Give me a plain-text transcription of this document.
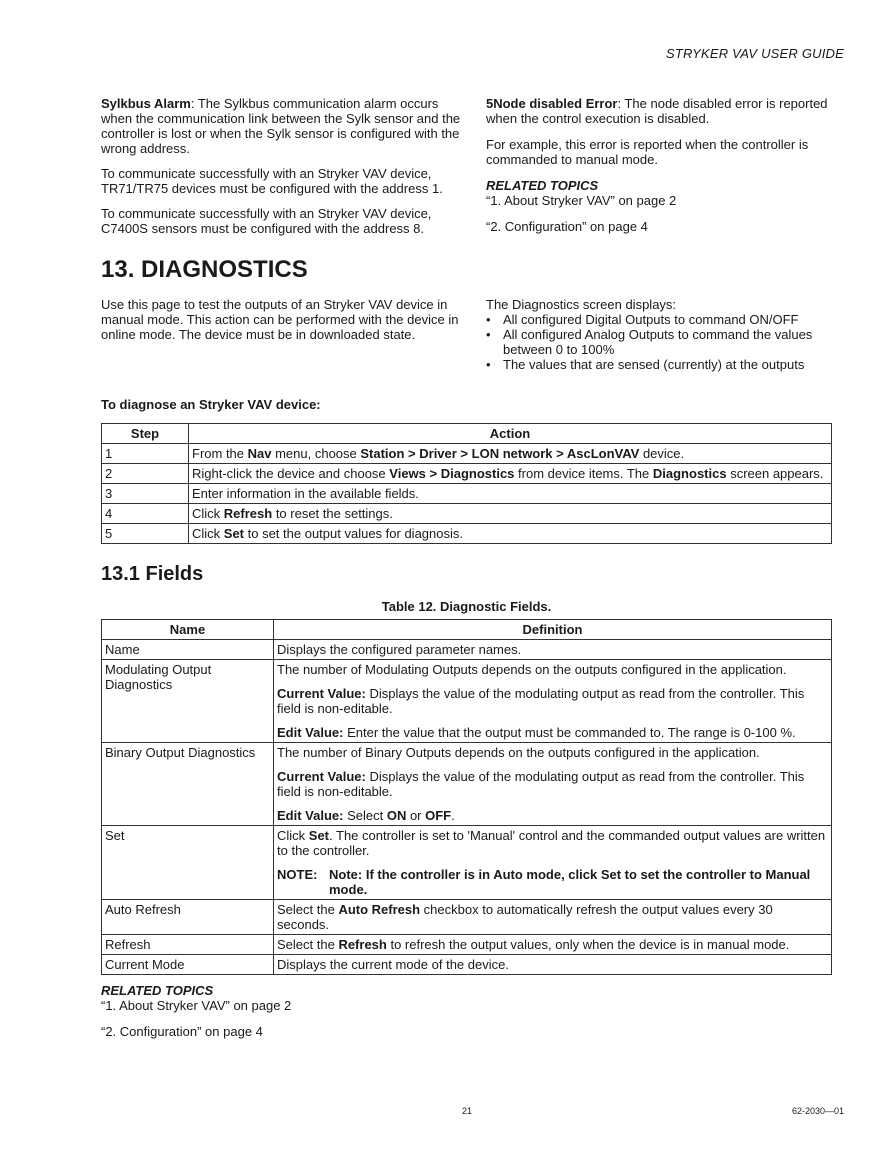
STRYKER VAV USER GUIDE

Sylkbus Alarm: The Sylkbus communication alarm occurs when the communication link between the Sylk sensor and the controller is lost or when the Sylk sensor is configured with the wrong address.

To communicate successfully with an Stryker VAV device, TR71/TR75 devices must be configured with the address 1.

To communicate successfully with an Stryker VAV device, C7400S sensors must be configured with the address 8.

5Node disabled Error: The node disabled error is reported when the control execution is disabled.

For example, this error is reported when the controller is commanded to manual mode.

RELATED TOPICS

“1. About Stryker VAV” on page 2

“2. Configuration” on page 4

13. DIAGNOSTICS
Use this page to test the outputs of an Stryker VAV device in manual mode. This action can be performed with the device in online mode. The device must be in downloaded state.
The Diagnostics screen displays:
• All configured Digital Outputs to command ON/OFF
• All configured Analog Outputs to command the values between 0 to 100%
• The values that are sensed (currently) at the outputs
To diagnose an Stryker VAV device:
Step	Action
1	From the Nav menu, choose Station > Driver > LON network > AscLonVAV device.
2	Right-click the device and choose Views > Diagnostics from device items. The Diagnostics screen appears.
3	Enter information in the available fields.
4	Click Refresh to reset the settings.
5	Click Set to set the output values for diagnosis.
13.1 Fields
Table 12. Diagnostic Fields.
Name	Definition
Name	Displays the configured parameter names.

Modulating Output Diagnostics	The number of Modulating Outputs depends on the outputs configured in the application.

Current Value: Displays the value of the modulating output as read from the controller. This field is non-editable.

Edit Value: Enter the value that the output must be commanded to. The range is 0-100 %.

Binary Output Diagnostics	The number of Binary Outputs depends on the outputs configured in the application.

Current Value: Displays the value of the modulating output as read from the controller. This field is non-editable.

Edit Value: Select ON or OFF.

Set	Click Set. The controller is set to 'Manual' control and the commanded output values are written to the controller.

NOTE: Note: If the controller is in Auto mode, click Set to set the controller to Manual mode.

Auto Refresh	Select the Auto Refresh checkbox to automatically refresh the output values every 30 seconds.

Refresh	Select the Refresh to refresh the output values, only when the device is in manual mode.

Current Mode	Displays the current mode of the device.

RELATED TOPICS

“1. About Stryker VAV” on page 2

“2. Configuration” on page 4

21	62-2030—01
